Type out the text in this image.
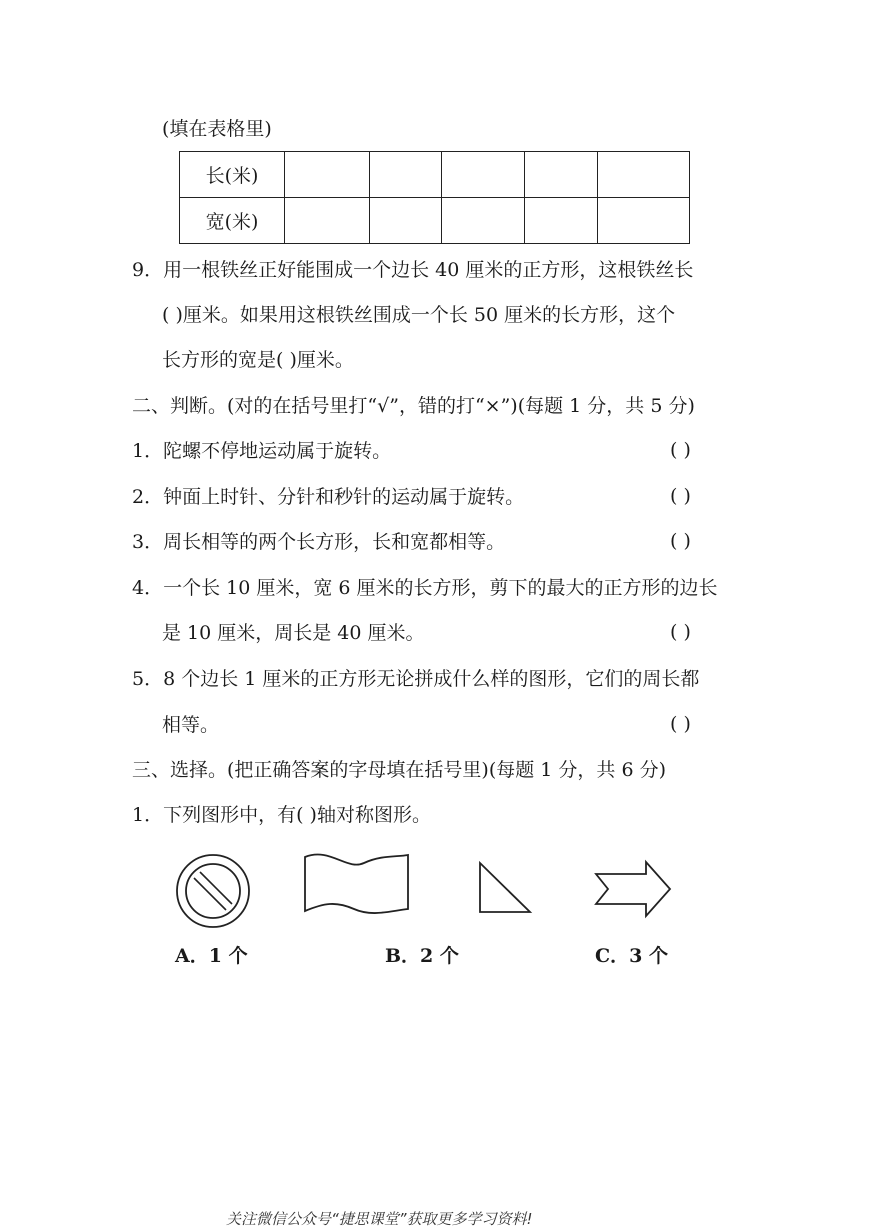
(填在表格里)
长(米)					
宽(米)					
9．用一根铁丝正好能围成一个边长 40 厘米的正方形，这根铁丝长
( )厘米。如果用这根铁丝围成一个长 50 厘米的长方形，这个
长方形的宽是( )厘米。
二、判断。(对的在括号里打“√”，错的打“×”)(每题 1 分，共 5 分)
1．陀螺不停地运动属于旋转。	( )
2．钟面上时针、分针和秒针的运动属于旋转。	( )
3．周长相等的两个长方形，长和宽都相等。	( )
4．一个长 10 厘米，宽 6 厘米的长方形，剪下的最大的正方形的边长
是 10 厘米，周长是 40 厘米。	( )
5．8 个边长 1 厘米的正方形无论拼成什么样的图形，它们的周长都
相等。	( )
三、选择。(把正确答案的字母填在括号里)(每题 1 分，共 6 分)
1．下列图形中，有( )轴对称图形。
A．1 个	B．2 个	C．3 个
关注微信公众号“捷思课堂”获取更多学习资料!
